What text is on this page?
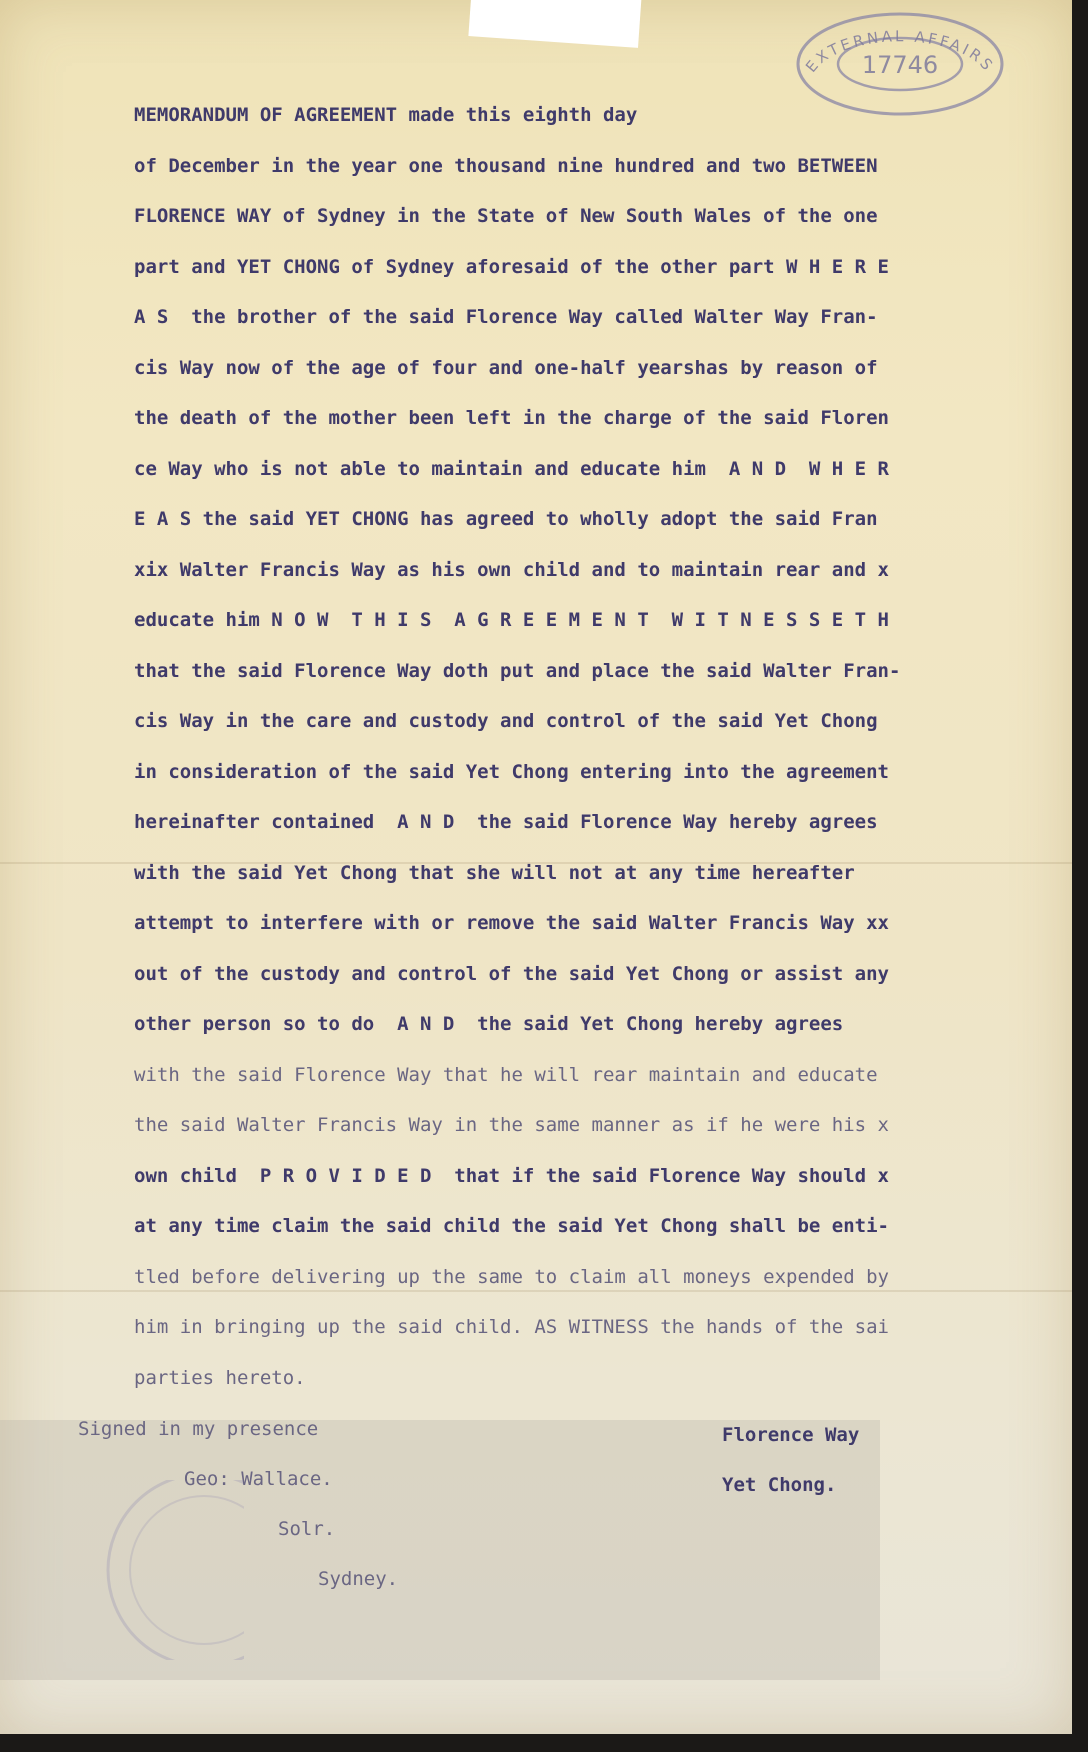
EXTERNAL AFFAIRS
17746
MEMORANDUM OF AGREEMENT made this eighth day
of December in the year one thousand nine hundred and two BETWEEN
FLORENCE WAY of Sydney in the State of New South Wales of the one
part and YET CHONG of Sydney aforesaid of the other part W H E R E
A S  the brother of the said Florence Way called Walter Way Fran-
cis Way now of the age of four and one-half yearshas by reason of
the death of the mother been left in the charge of the said Floren
ce Way who is not able to maintain and educate him  A N D  W H E R
E A S the said YET CHONG has agreed to wholly adopt the said Fran
xix Walter Francis Way as his own child and to maintain rear and x
educate him N O W  T H I S  A G R E E M E N T  W I T N E S S E T H
that the said Florence Way doth put and place the said Walter Fran-
cis Way in the care and custody and control of the said Yet Chong
in consideration of the said Yet Chong entering into the agreement
hereinafter contained  A N D  the said Florence Way hereby agrees
with the said Yet Chong that she will not at any time hereafter
attempt to interfere with or remove the said Walter Francis Way xx
out of the custody and control of the said Yet Chong or assist any
other person so to do  A N D  the said Yet Chong hereby agrees
with the said Florence Way that he will rear maintain and educate
the said Walter Francis Way in the same manner as if he were his x
own child  P R O V I D E D  that if the said Florence Way should x
at any time claim the said child the said Yet Chong shall be enti-
tled before delivering up the same to claim all moneys expended by
him in bringing up the said child. AS WITNESS the hands of the sai
parties hereto.
Signed in my presence
Geo: Wallace.
Solr.
Sydney.
Florence Way
Yet Chong.
